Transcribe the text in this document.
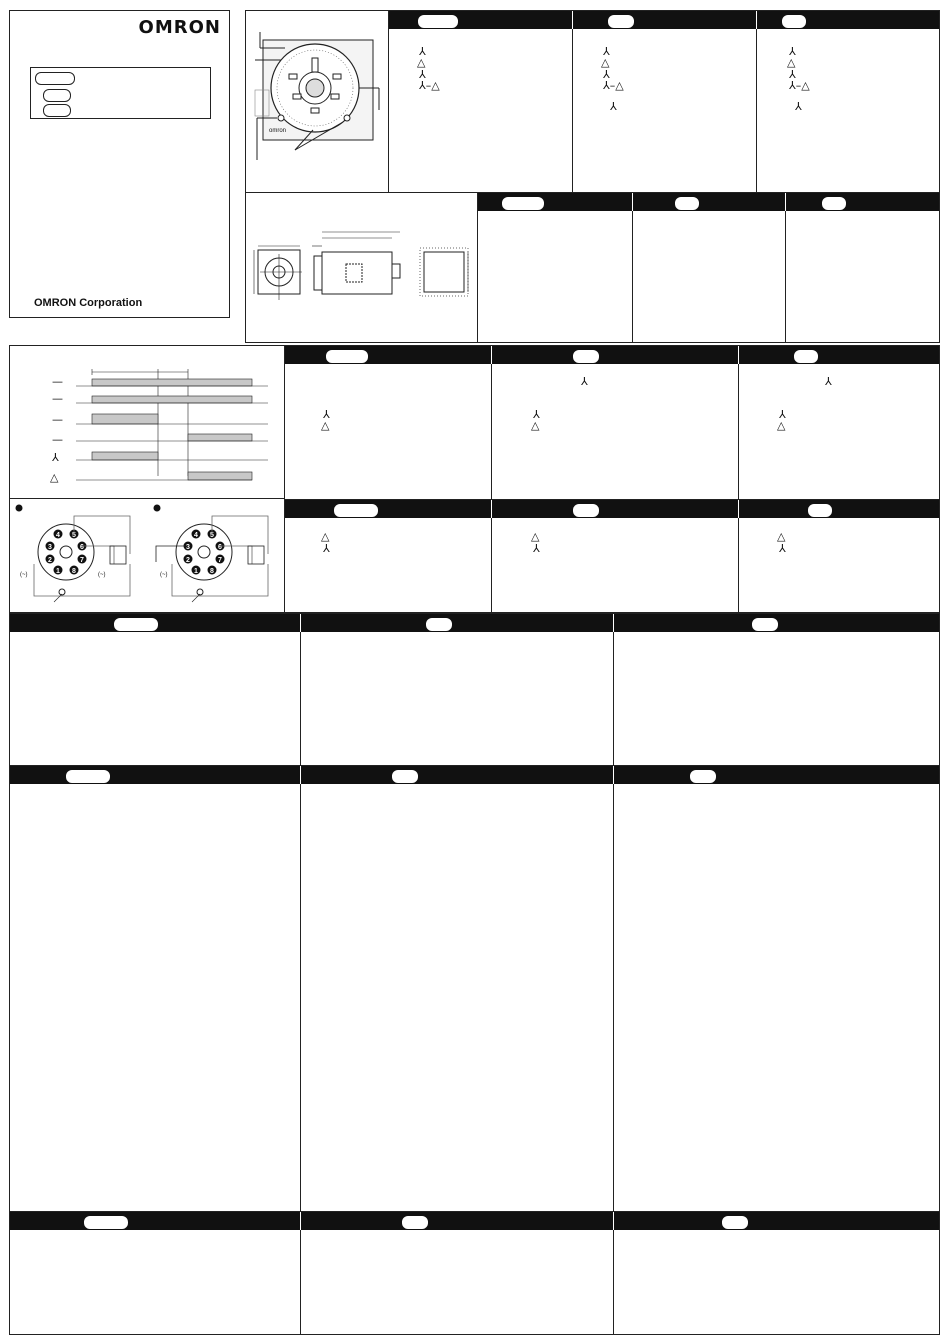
OMRON
OMRON Corporation
omron
⅄
△
⅄
⅄–△
⅄
△
⅄
⅄–△
⅄
⅄
△
⅄
⅄–△
⅄
—
—
—
—
⅄
△
4 5
3	6
2	7
1 8
(~)	(~)
4 5
3	6
2	7
1 8
(~)
⅄
△
⅄
⅄
△
⅄
⅄
△
△
⅄
△
⅄
△
⅄
